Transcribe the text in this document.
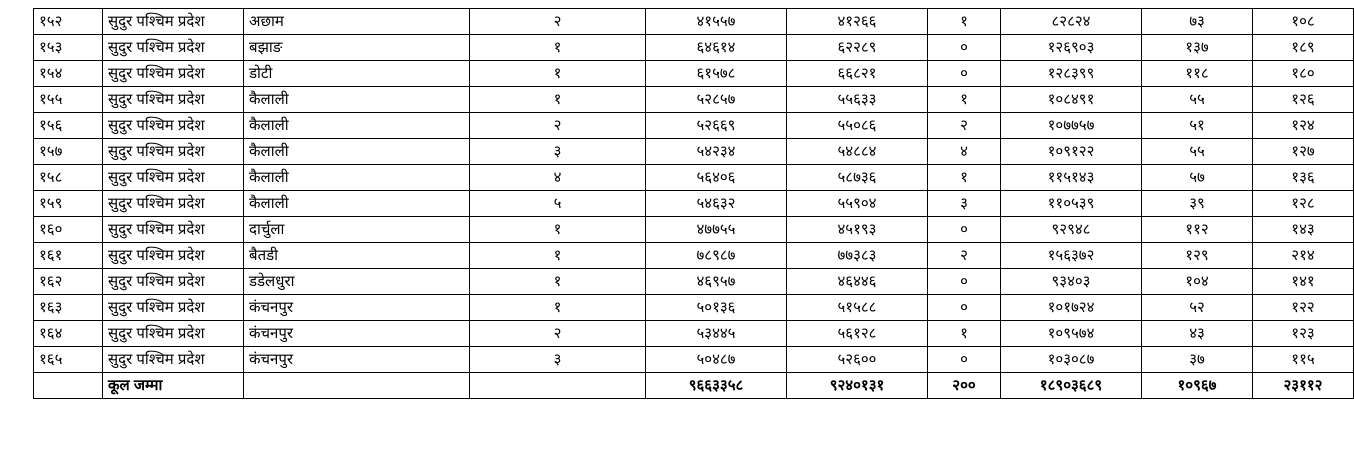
१५२	सुदुर पश्चिम प्रदेश	अछाम	२	४१५५७	४१२६६	१	८२८२४	७३	१०८
१५३	सुदुर पश्चिम प्रदेश	बझाङ	१	६४६१४	६२२८९	०	१२६९०३	१३७	१८९
१५४	सुदुर पश्चिम प्रदेश	डोटी	१	६१५७८	६६८२१	०	१२८३९९	११८	१८०
१५५	सुदुर पश्चिम प्रदेश	कैलाली	१	५२८५७	५५६३३	१	१०८४९१	५५	१२६
१५६	सुदुर पश्चिम प्रदेश	कैलाली	२	५२६६९	५५०८६	२	१०७७५७	५१	१२४
१५७	सुदुर पश्चिम प्रदेश	कैलाली	३	५४२३४	५४८८४	४	१०९१२२	५५	१२७
१५८	सुदुर पश्चिम प्रदेश	कैलाली	४	५६४०६	५८७३६	१	११५१४३	५७	१३६
१५९	सुदुर पश्चिम प्रदेश	कैलाली	५	५४६३२	५५९०४	३	११०५३९	३९	१२८
१६०	सुदुर पश्चिम प्रदेश	दार्चुला	१	४७७५५	४५१९३	०	९२९४८	११२	१४३
१६१	सुदुर पश्चिम प्रदेश	बैतडी	१	७८९८७	७७३८३	२	१५६३७२	१२९	२१४
१६२	सुदुर पश्चिम प्रदेश	डडेलधुरा	१	४६९५७	४६४४६	०	९३४०३	१०४	१४१
१६३	सुदुर पश्चिम प्रदेश	कंचनपुर	१	५०१३६	५१५८८	०	१०१७२४	५२	१२२
१६४	सुदुर पश्चिम प्रदेश	कंचनपुर	२	५३४४५	५६१२८	१	१०९५७४	४३	१२३
१६५	सुदुर पश्चिम प्रदेश	कंचनपुर	३	५०४८७	५२६००	०	१०३०८७	३७	११५
	कूल जम्मा			९६६३३५८	९२४०१३१	२००	१८९०३६८९	१०९६७	२३११२
